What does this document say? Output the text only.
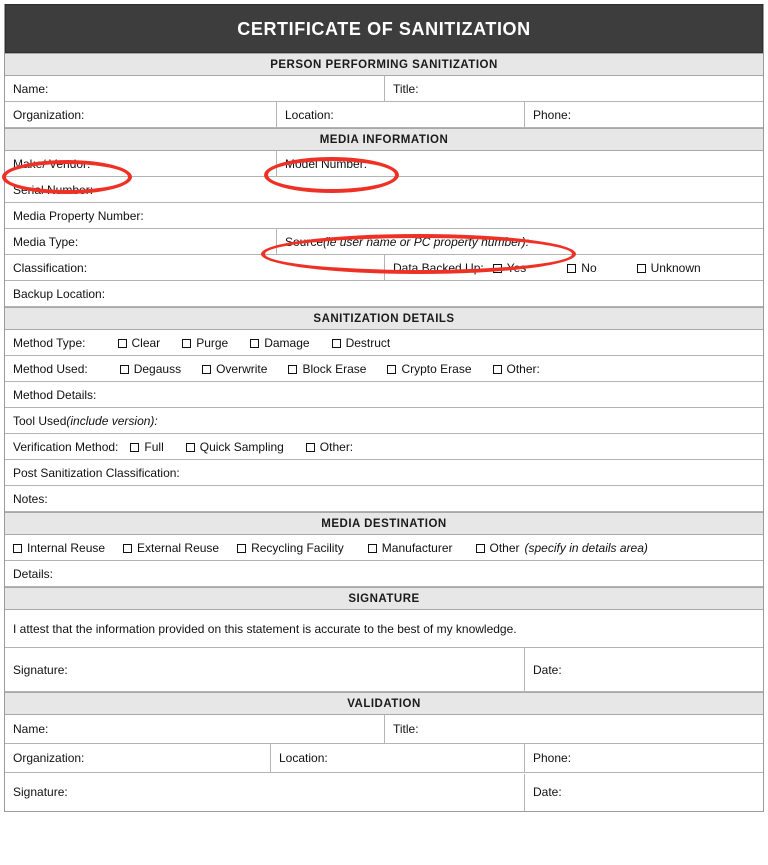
CERTIFICATE OF SANITIZATION
PERSON PERFORMING SANITIZATION
Name:	Title:
Organization:	Location:	Phone:
MEDIA INFORMATION
Make/ Vendor:	Model Number:
Serial Number:
Media Property Number:
Media Type:	Source (ie user name or PC property number):
Classification:	Data Backed Up: Yes	No	Unknown
Backup Location:
SANITIZATION DETAILS
Method Type:	Clear	Purge	Damage	Destruct
Method Used:	Degauss	Overwrite	Block Erase	Crypto Erase	Other:
Method Details:
Tool Used (include version):
Verification Method: Full	Quick Sampling	Other:
Post Sanitization Classification:
Notes:
MEDIA DESTINATION
Internal Reuse	External Reuse	Recycling Facility	Manufacturer	Other (specify in details area)
Details:
SIGNATURE
I attest that the information provided on this statement is accurate to the best of my knowledge.
Signature:	Date:
VALIDATION
Name:	Title:
Organization:	Location:	Phone:
Signature:	Date:
